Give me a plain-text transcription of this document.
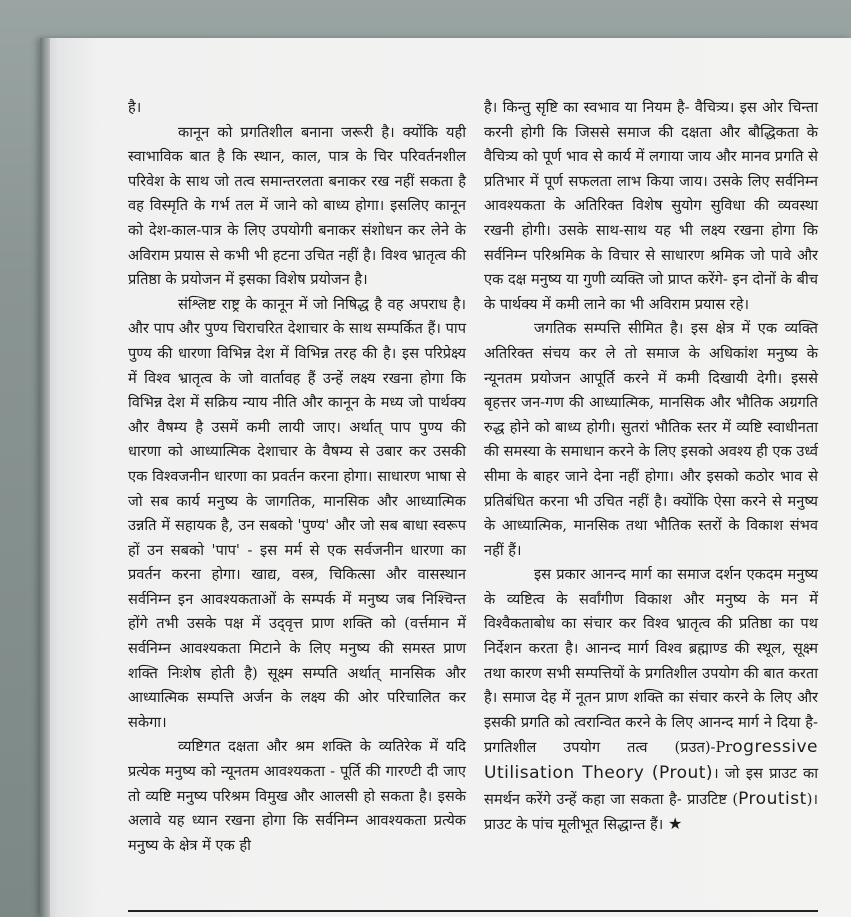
है।

कानून को प्रगतिशील बनाना जरूरी है। क्योंकि यही स्वाभाविक बात है कि स्थान, काल, पात्र के चिर परिवर्तनशील परिवेश के साथ जो तत्व समान्तरलता बनाकर रख नहीं सकता है वह विस्मृति के गर्भ तल में जाने को बाध्य होगा। इसलिए कानून को देश-काल-पात्र के लिए उपयोगी बनाकर संशोधन कर लेने के अविराम प्रयास से कभी भी हटना उचित नहीं है। विश्व भ्रातृत्व की प्रतिष्ठा के प्रयोजन में इसका विशेष प्रयोजन है।

संश्लिष्ट राष्ट्र के कानून में जो निषिद्ध है वह अपराध है। और पाप और पुण्य चिराचरित देशाचार के साथ सम्पर्कित हैं। पाप पुण्य की धारणा विभिन्न देश में विभिन्न तरह की है। इस परिप्रेक्ष्य में विश्व भ्रातृत्व के जो वार्तावह हैं उन्हें लक्ष्य रखना होगा कि विभिन्न देश में सक्रिय न्याय नीति और कानून के मध्य जो पार्थक्य और वैषम्य है उसमें कमी लायी जाए। अर्थात् पाप पुण्य की धारणा को आध्यात्मिक देशाचार के वैषम्य से उबार कर उसकी एक विश्वजनीन धारणा का प्रवर्तन करना होगा। साधारण भाषा से जो सब कार्य मनुष्य के जागतिक, मानसिक और आध्यात्मिक उन्नति में सहायक है, उन सबको 'पुण्य' और जो सब बाधा स्वरूप हों उन सबको 'पाप' - इस मर्म से एक सर्वजनीन धारणा का प्रवर्तन करना होगा। खाद्य, वस्त्र, चिकित्सा और वासस्थान सर्वनिम्न इन आवश्यकताओं के सम्पर्क में मनुष्य जब निश्चिन्त होंगे तभी उसके पक्ष में उद्‌वृत्त प्राण शक्ति को (वर्त्तमान में सर्वनिम्न आवश्यकता मिटाने के लिए मनुष्य की समस्त प्राण शक्ति निःशेष होती है) सूक्ष्म सम्पति अर्थात् मानसिक और आध्यात्मिक सम्पत्ति अर्जन के लक्ष्य की ओर परिचालित कर सकेगा।

व्यष्टिगत दक्षता और श्रम शक्ति के व्यतिरेक में यदि प्रत्येक मनुष्य को न्यूनतम आवश्यकता - पूर्ति की गारण्टी दी जाए तो व्यष्टि मनुष्य परिश्रम विमुख और आलसी हो सकता है। इसके अलावे यह ध्यान रखना होगा कि सर्वनिम्न आवश्यकता प्रत्येक मनुष्य के क्षेत्र में एक ही

है। किन्तु सृष्टि का स्वभाव या नियम है- वैचित्र्य। इस ओर चिन्ता करनी होगी कि जिससे समाज की दक्षता और बौद्धिकता के वैचित्र्य को पूर्ण भाव से कार्य में लगाया जाय और मानव प्रगति से प्रतिभार में पूर्ण सफलता लाभ किया जाय। उसके लिए सर्वनिम्न आवश्यकता के अतिरिक्त विशेष सुयोग सुविधा की व्यवस्था रखनी होगी। उसके साथ-साथ यह भी लक्ष्य रखना होगा कि सर्वनिम्न परिश्रमिक के विचार से साधारण श्रमिक जो पावे और एक दक्ष मनुष्य या गुणी व्यक्ति जो प्राप्त करेंगे- इन दोनों के बीच के पार्थक्य में कमी लाने का भी अविराम प्रयास रहे।

जगतिक सम्पत्ति सीमित है। इस क्षेत्र में एक व्यक्ति अतिरिक्त संचय कर ले तो समाज के अधिकांश मनुष्य के न्यूनतम प्रयोजन आपूर्ति करने में कमी दिखायी देगी। इससे बृहत्तर जन-गण की आध्यात्मिक, मानसिक और भौतिक अग्रगति रुद्ध होने को बाध्य होगी। सुतरां भौतिक स्तर में व्यष्टि स्वाधीनता की समस्या के समाधान करने के लिए इसको अवश्य ही एक उर्ध्व सीमा के बाहर जाने देना नहीं होगा। और इसको कठोर भाव से प्रतिबंधित करना भी उचित नहीं है। क्योंकि ऐसा करने से मनुष्य के आध्यात्मिक, मानसिक तथा भौतिक स्तरों के विकाश संभव नहीं हैं।

इस प्रकार आनन्द मार्ग का समाज दर्शन एकदम मनुष्य के व्यष्टित्व के सर्वांगीण विकाश और मनुष्य के मन में विश्वैकताबोध का संचार कर विश्व भ्रातृत्व की प्रतिष्ठा का पथ निर्देशन करता है। आनन्द मार्ग विश्व ब्रह्माण्ड की स्थूल, सूक्ष्म तथा कारण सभी सम्पत्तियों के प्रगतिशील उपयोग की बात करता है। समाज देह में नूतन प्राण शक्ति का संचार करने के लिए और इसकी प्रगति को त्वरान्वित करने के लिए आनन्द मार्ग ने दिया है- प्रगतिशील उपयोग तत्व (प्रउत)-Progressive Utilisation Theory (Prout)। जो इस प्राउट का समर्थन करेंगे उन्हें कहा जा सकता है- प्राउटिष्ट (Proutist)। प्राउट के पांच मूलीभूत सिद्धान्त हैं। ★
